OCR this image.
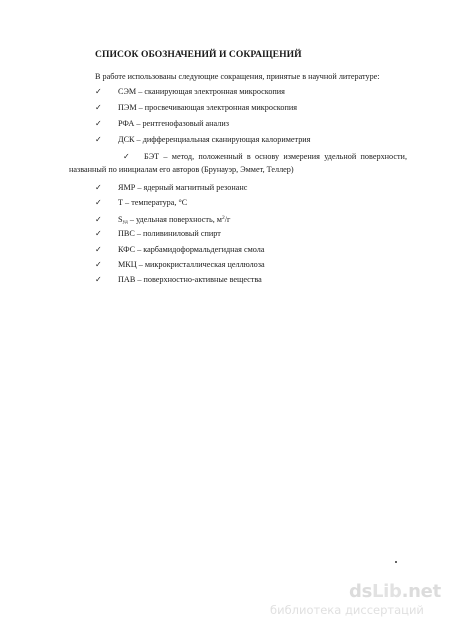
СПИСОК ОБОЗНАЧЕНИЙ И СОКРАЩЕНИЙ
В работе использованы следующие сокращения, принятые в научной литературе:
✓ СЭМ – сканирующая электронная микроскопия
✓ ПЭМ – просвечивающая электронная микроскопия
✓ РФА – рентгенофазовый анализ
✓ ДСК – дифференциальная сканирующая калориметрия
✓	БЭТ – метод, положенный в основу измерения удельной поверхности,
названный по инициалам его авторов (Брунауэр, Эммет, Теллер)
✓ ЯМР – ядерный магнитный резонанс
✓ Т – температура, °С
✓ $S_{уд}$ – удельная поверхность, $м^2/г$
✓ ПВС – поливиниловый спирт
✓ КФС – карбамидоформальдегидная смола
✓ МКЦ – микрокристаллическая целлюлоза
✓ ПАВ – поверхностно-активные вещества
dsLib.net
библиотека диссертаций
